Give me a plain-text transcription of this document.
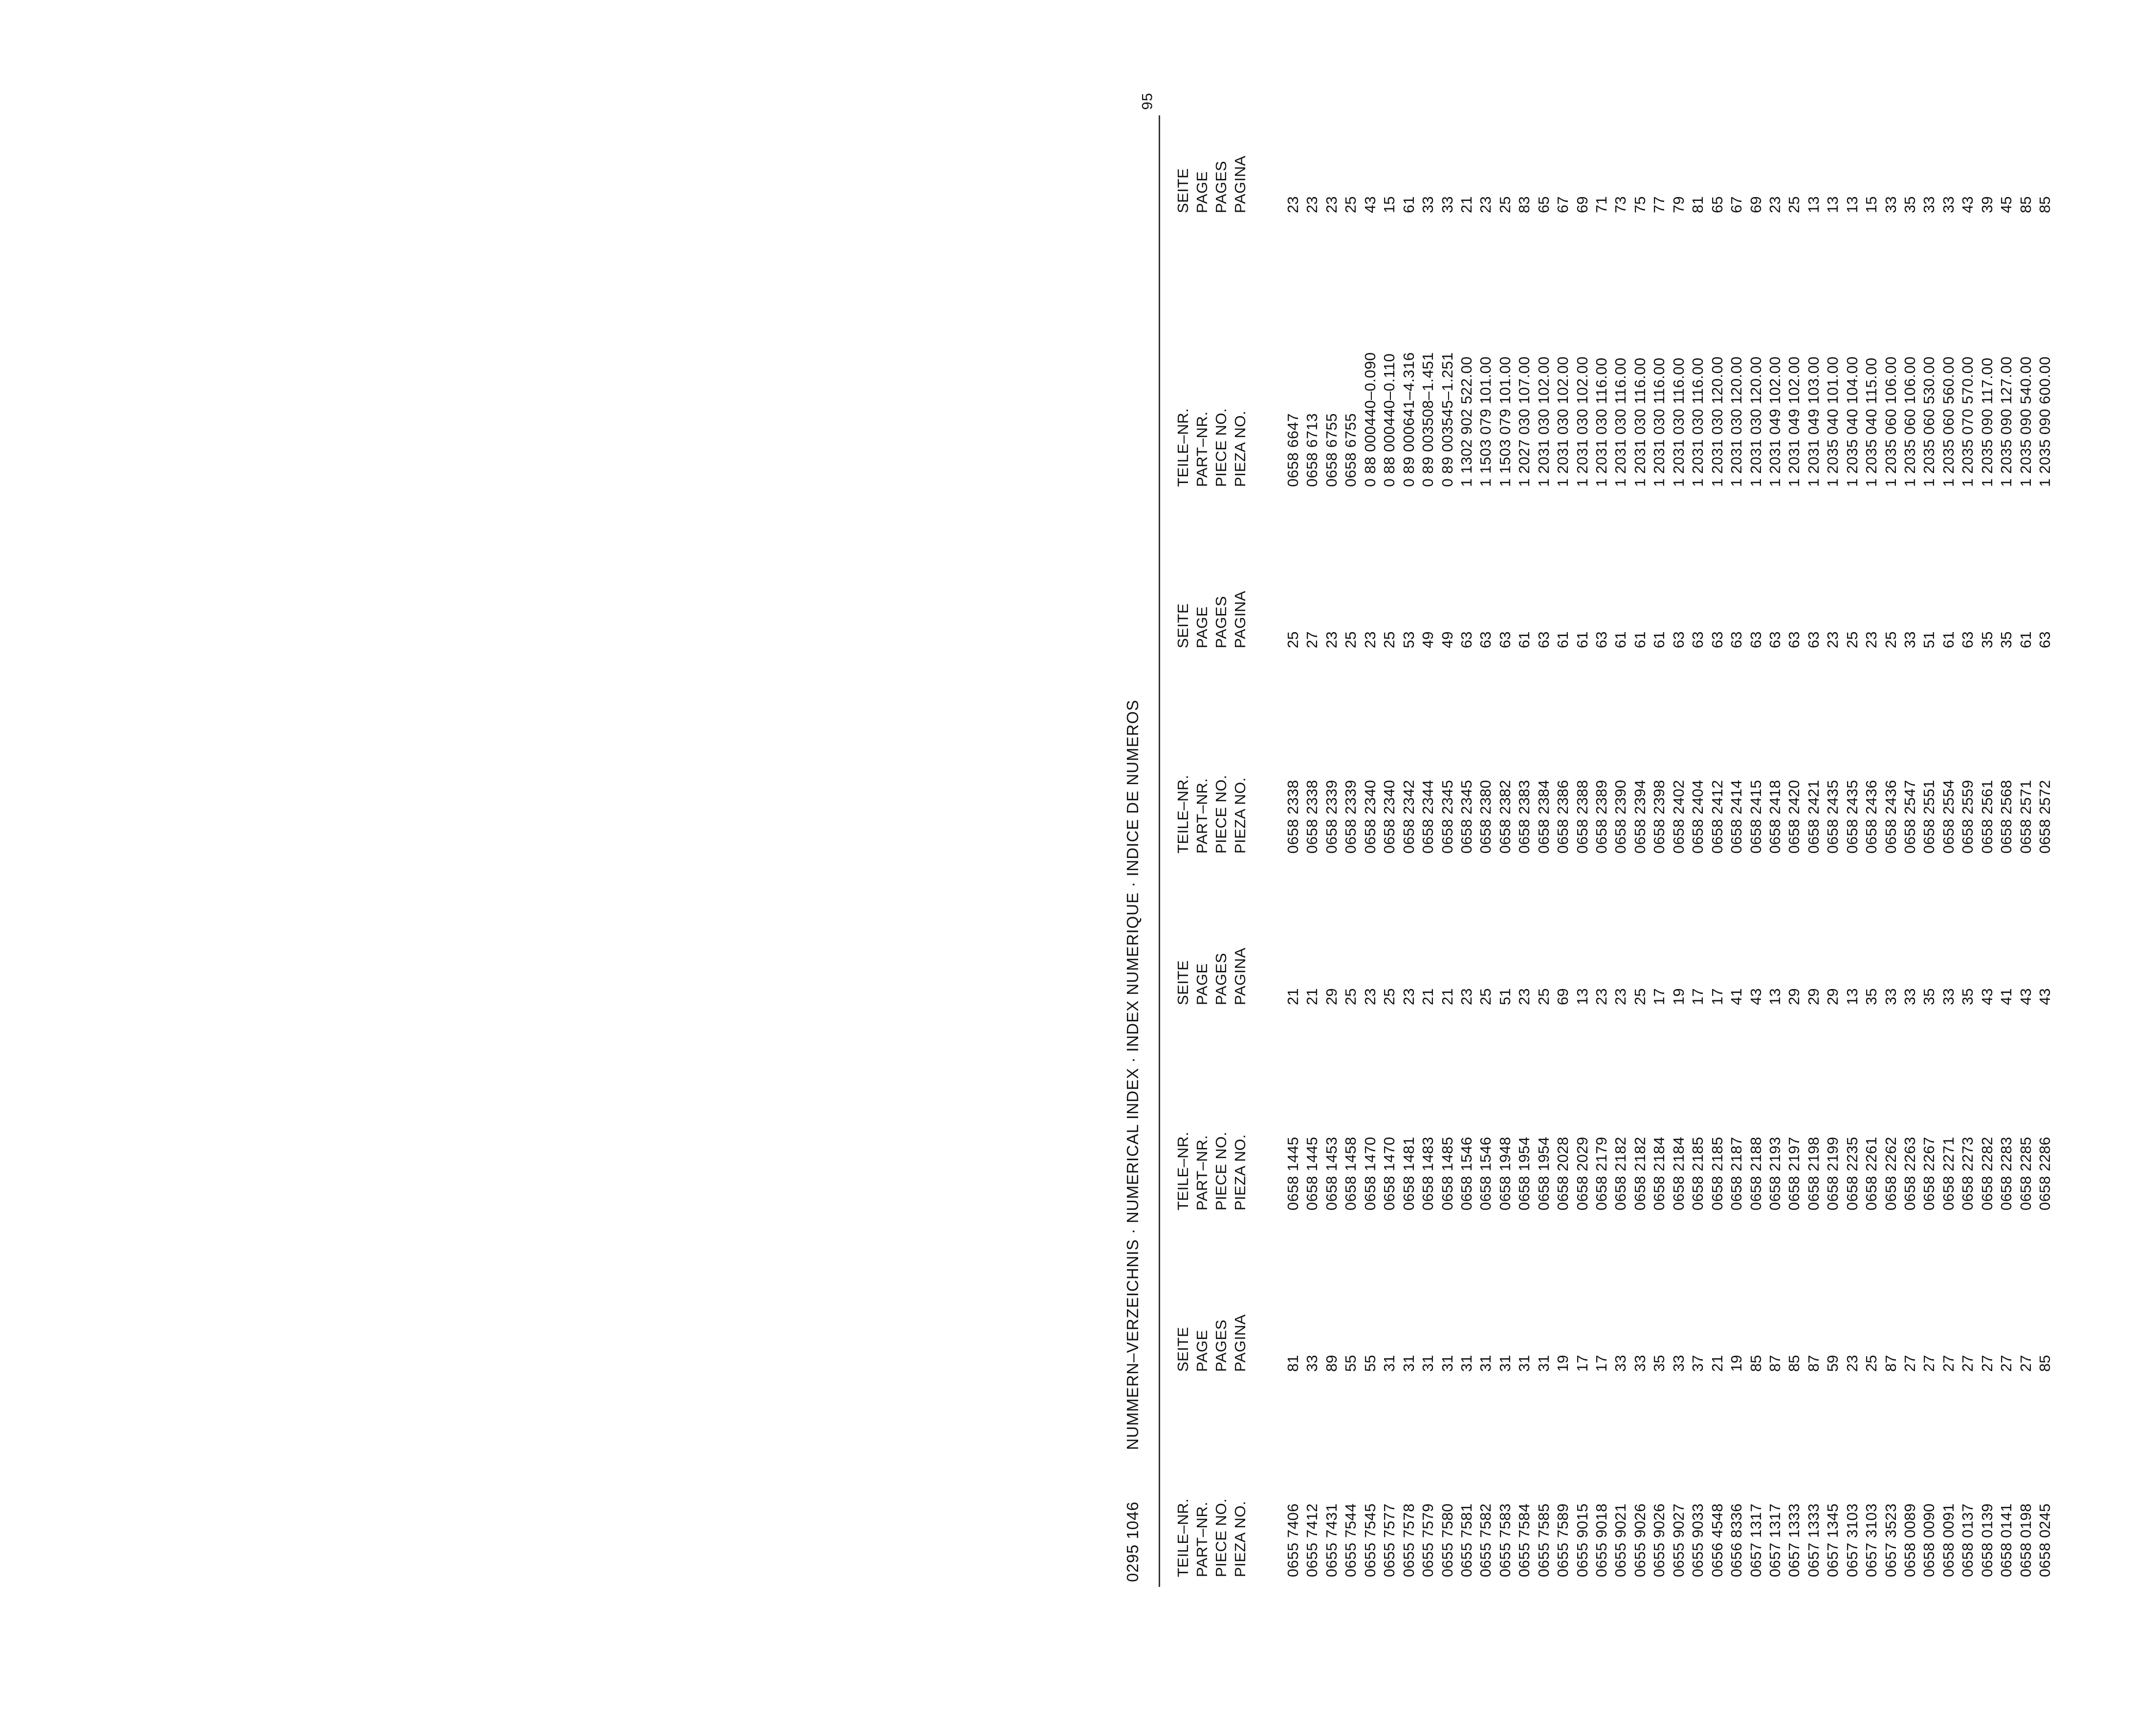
95
0295 1046
NUMMERN–VERZEICHNIS · NUMERICAL INDEX · INDEX NUMERIQUE · INDICE DE NUMEROS
TEILE–NR. PART–NR. PIECE NO. PIEZA NO.
SEITE PAGE PAGES PAGINA
0655 7406
81
0655 7412
33
0655 7431
89
0655 7544
55
0655 7545
55
0655 7577
31
0655 7578
31
0655 7579
31
0655 7580
31
0655 7581
31
0655 7582
31
0655 7583
31
0655 7584
31
0655 7585
31
0655 7589
19
0655 9015
17
0655 9018
17
0655 9021
33
0655 9026
33
0655 9026
35
0655 9027
33
0655 9033
37
0656 4548
21
0656 8336
19
0657 1317
85
0657 1317
87
0657 1333
85
0657 1333
87
0657 1345
59
0657 3103
23
0657 3103
25
0657 3523
87
0658 0089
27
0658 0090
27
0658 0091
27
0658 0137
27
0658 0139
27
0658 0141
27
0658 0198
27
0658 0245
85
TEILE–NR. PART–NR. PIECE NO. PIEZA NO.
SEITE PAGE PAGES PAGINA
0658 1445
21
0658 1445
21
0658 1453
29
0658 1458
25
0658 1470
23
0658 1470
25
0658 1481
23
0658 1483
21
0658 1485
21
0658 1546
23
0658 1546
25
0658 1948
51
0658 1954
23
0658 1954
25
0658 2028
69
0658 2029
13
0658 2179
23
0658 2182
23
0658 2182
25
0658 2184
17
0658 2184
19
0658 2185
17
0658 2185
17
0658 2187
41
0658 2188
43
0658 2193
13
0658 2197
29
0658 2198
29
0658 2199
29
0658 2235
13
0658 2261
35
0658 2262
33
0658 2263
33
0658 2267
35
0658 2271
33
0658 2273
35
0658 2282
43
0658 2283
41
0658 2285
43
0658 2286
43
TEILE–NR. PART–NR. PIECE NO. PIEZA NO.
SEITE PAGE PAGES PAGINA
0658 2338
25
0658 2338
27
0658 2339
23
0658 2339
25
0658 2340
23
0658 2340
25
0658 2342
53
0658 2344
49
0658 2345
49
0658 2345
63
0658 2380
63
0658 2382
63
0658 2383
61
0658 2384
63
0658 2386
61
0658 2388
61
0658 2389
63
0658 2390
61
0658 2394
61
0658 2398
61
0658 2402
63
0658 2404
63
0658 2412
63
0658 2414
63
0658 2415
63
0658 2418
63
0658 2420
63
0658 2421
63
0658 2435
23
0658 2435
25
0658 2436
23
0658 2436
25
0658 2547
33
0658 2551
51
0658 2554
61
0658 2559
63
0658 2561
35
0658 2568
35
0658 2571
61
0658 2572
63
TEILE–NR. PART–NR. PIECE NO. PIEZA NO.
SEITE PAGE PAGES PAGINA
0658 6647
23
0658 6713
23
0658 6755
23
0658 6755
25
0 88 000440–0.090
43
0 88 000440–0.110
15
0 89 000641–4.316
61
0 89 003508–1.451
33
0 89 003545–1.251
33
1 1302 902 522.00
21
1 1503 079 101.00
23
1 1503 079 101.00
25
1 2027 030 107.00
83
1 2031 030 102.00
65
1 2031 030 102.00
67
1 2031 030 102.00
69
1 2031 030 116.00
71
1 2031 030 116.00
73
1 2031 030 116.00
75
1 2031 030 116.00
77
1 2031 030 116.00
79
1 2031 030 116.00
81
1 2031 030 120.00
65
1 2031 030 120.00
67
1 2031 030 120.00
69
1 2031 049 102.00
23
1 2031 049 102.00
25
1 2031 049 103.00
13
1 2035 040 101.00
13
1 2035 040 104.00
13
1 2035 040 115.00
15
1 2035 060 106.00
33
1 2035 060 106.00
35
1 2035 060 530.00
33
1 2035 060 560.00
33
1 2035 070 570.00
43
1 2035 090 117.00
39
1 2035 090 127.00
45
1 2035 090 540.00
85
1 2035 090 600.00
85
